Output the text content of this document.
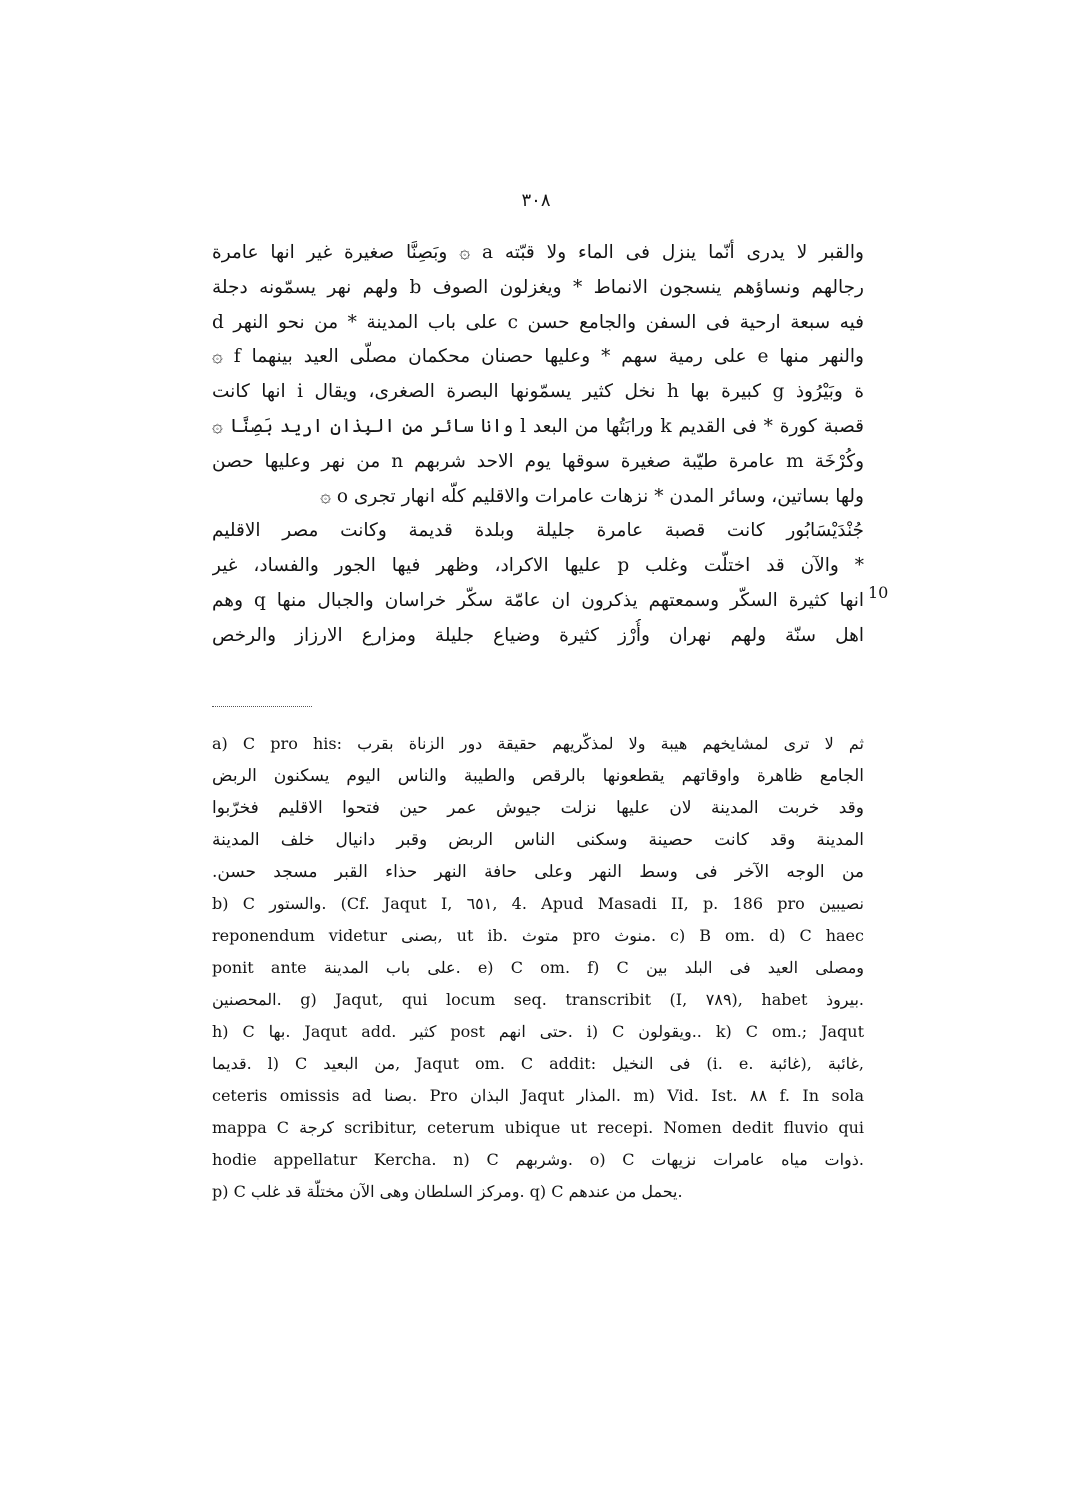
٣٠٨
والقبر لا يدرى أنّما ينزل فى الماء ولا قبّته a ۞ وبَصِنَّا صغيرة غير انها عامرة
رجالهم ونساؤهم ينسجون الانماط * ويغزلون الصوف b ولهم نهر يسمّونه دجلة
فيه سبعة ارحية فى السفن والجامع حسن c على باب المدينة * من نحو النهر d
والنهر منها e على رمية سهم * وعليها حصنان محكمان مصلّى العيد بينهما f ۞
ة وبَيْرُوذ g كبيرة بها h نخل كثير يسمّونها البصرة الصغرى، ويقال i انها كانت
قصبة كورة * فى القديم k ورابَتُها من البعد l وانا سائر من البِذان اريد بَصِنَّا ۞
وكُرْخَة m عامرة طيّبة صغيرة سوقها يوم الاحد شربهم n من نهر وعليها حصن
ولها بساتين، وسائر المدن * نزهات عامرات والاقليم كلّه انهار تجرى o ۞
جُنْدَيْسَابُور كانت قصبة عامرة جليلة وبلدة قديمة وكانت مصر الاقليم
* والآن قد اختلّت وغلب p عليها الاكراد، وظهر فيها الجور والفساد، غير
انها كثيرة السكّر وسمعتهم يذكرون ان عامّة سكّر خراسان والجبال منها q وهم
اهل سنّة ولهم نهران وأُرْز كثيرة وضياع جليلة ومزارع الارزاز والرخص
10
a) C pro his: ثم لا ترى لمشايخهم هيبة ولا لمذكّريهم حقيقة دور الزناة بقرب
الجامع ظاهرة واوقاتهم يقطعونها بالرقص والطيبة والناس اليوم يسكنون الربض
وقد خربت المدينة لان عليها نزلت جيوش عمر حين فتحوا الاقليم فخرّبوا
المدينة وقد كانت حصينة وسكنى الناس الربض وقبر دانيال خلف المدينة
من الوجه الآخر فى وسط النهر وعلى حافة النهر حذاء القبر مسجد حسن.
b) C والستور. (Cf. Jaqut I, ٦٥١, 4. Apud Masadi II, p. 186 pro نصيبين
reponendum videtur بصنى, ut ib. متوث pro منوث. c) B om. d) C haec
ponit ante على باب المدينة. e) C om. f) C ومصلى العيد فى البلد بين
المحصنين. g) Jaqut, qui locum seq. transcribit (I, ٧٨٩), habet بيروذ.
h) C بها. Jaqut add. كثير post حتى انهم. i) C ويقولون.. k) C om.; Jaqut
قديما. l) C من البعيد, Jaqut om. C addit: فى النخيل (i. e. غائبة), غائبة,
ceteris omissis ad بصنا. Pro البذان Jaqut المذار. m) Vid. Ist. ٨٨ f. In sola
mappa C كرجة scribitur, ceterum ubique ut recepi. Nomen dedit fluvio qui
hodie appellatur Kercha. n) C وشربهم. o) C ذوات مياه عامرات نزيهات.
p) C ومركز السلطان وهى الآن مختلّة قد غلب. q) C يحمل من عندهم.
